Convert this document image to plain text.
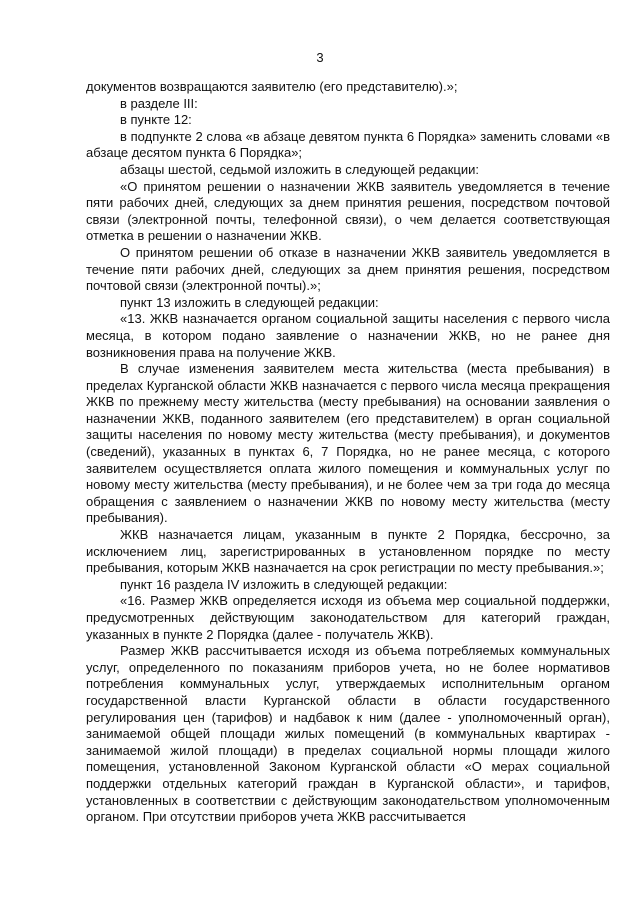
3

документов возвращаются заявителю (его представителю).»;

в разделе III:

в пункте 12:

в подпункте 2 слова «в абзаце девятом пункта 6 Порядка» заменить словами «в абзаце десятом пункта 6 Порядка»;

абзацы шестой, седьмой изложить в следующей редакции:

«О принятом решении о назначении ЖКВ заявитель уведомляется в течение пяти рабочих дней, следующих за днем принятия решения, посредством почтовой связи (электронной почты, телефонной связи), о чем делается соответствующая отметка в решении о назначении ЖКВ.

О принятом решении об отказе в назначении ЖКВ заявитель уведомляется в течение пяти рабочих дней, следующих за днем принятия решения, посредством почтовой связи (электронной почты).»;

пункт 13 изложить в следующей редакции:

«13. ЖКВ назначается органом социальной защиты населения с первого числа месяца, в котором подано заявление о назначении ЖКВ, но не ранее дня возникновения права на получение ЖКВ.

В случае изменения заявителем места жительства (места пребывания) в пределах Курганской области ЖКВ назначается с первого числа месяца прекращения ЖКВ по прежнему месту жительства (месту пребывания) на основании заявления о назначении ЖКВ, поданного заявителем (его представителем) в орган социальной защиты населения по новому месту жительства (месту пребывания), и документов (сведений), указанных в пунктах 6, 7 Порядка, но не ранее месяца, с которого заявителем осуществляется оплата жилого помещения и коммунальных услуг по новому месту жительства (месту пребывания), и не более чем за три года до месяца обращения с заявлением о назначении ЖКВ по новому месту жительства (месту пребывания).

ЖКВ назначается лицам, указанным в пункте 2 Порядка, бессрочно, за исключением лиц, зарегистрированных в установленном порядке по месту пребывания, которым ЖКВ назначается на срок регистрации по месту пребывания.»;

пункт 16 раздела IV изложить в следующей редакции:

«16. Размер ЖКВ определяется исходя из объема мер социальной поддержки, предусмотренных действующим законодательством для категорий граждан, указанных в пункте 2 Порядка (далее - получатель ЖКВ).

Размер ЖКВ рассчитывается исходя из объема потребляемых коммунальных услуг, определенного по показаниям приборов учета, но не более нормативов потребления коммунальных услуг, утверждаемых исполнительным органом государственной власти Курганской области в области государственного регулирования цен (тарифов) и надбавок к ним (далее - уполномоченный орган), занимаемой общей площади жилых помещений (в коммунальных квартирах - занимаемой жилой площади) в пределах социальной нормы площади жилого помещения, установленной Законом Курганской области «О мерах социальной поддержки отдельных категорий граждан в Курганской области», и тарифов, установленных в соответствии с действующим законодательством уполномоченным органом. При отсутствии приборов учета ЖКВ рассчитывается
